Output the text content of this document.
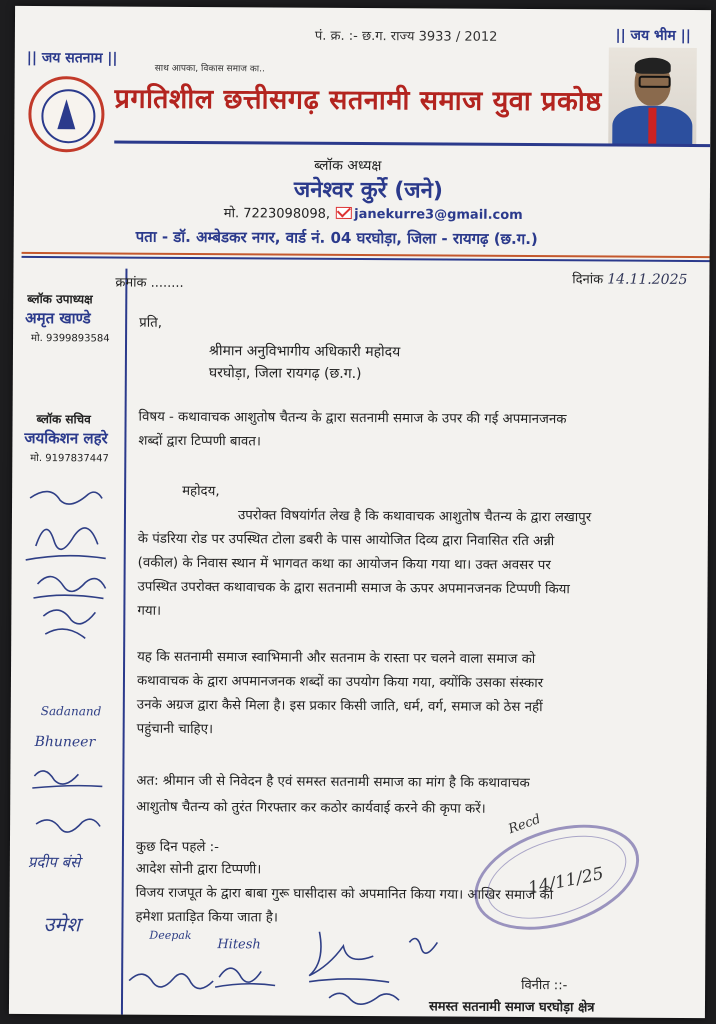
|| जय सतनाम ||
पं. क्र. :- छ.ग. राज्य 3933 / 2012	|| जय भीम ||
साथ आपका, विकास समाज का..
प्रगतिशील छत्तीसगढ़ सतनामी समाज युवा प्रकोष्ठ
ब्लॉक अध्यक्ष
जनेश्वर कुर्रे (जने)
मो. 7223098098, janekurre3@gmail.com
पता - डॉ. अम्बेडकर नगर, वार्ड नं. 04 घरघोड़ा, जिला - रायगढ़ (छ.ग.)
क्रमांक ........	दिनांक 14.11.2025
ब्लॉक उपाध्यक्ष
अमृत खाण्डे
मो. 9399893584
ब्लॉक सचिव
जयकिशन लहरे
मो. 9197837447
Sadanand
Bhuneer
प्रदीप बंसे
उमेश
प्रति,
श्रीमान अनुविभागीय अधिकारी महोदय
घरघोड़ा, जिला रायगढ़ (छ.ग.)
विषय - कथावाचक आशुतोष चैतन्य के द्वारा सतनामी समाज के उपर की गई अपमानजनक
शब्दों द्वारा टिप्पणी बावत।
महोदय,
उपरोक्त विषयांर्गत लेख है कि कथावाचक आशुतोष चैतन्य के द्वारा लखापुर
के पंडरिया रोड पर उपस्थित टोला डबरी के पास आयोजित दिव्य द्वारा निवासित रति अन्नी
(वकील) के निवास स्थान में भागवत कथा का आयोजन किया गया था। उक्त अवसर पर
उपस्थित उपरोक्त कथावाचक के द्वारा सतनामी समाज के ऊपर अपमानजनक टिप्पणी किया
गया।
यह कि सतनामी समाज स्वाभिमानी और सतनाम के रास्ता पर चलने वाला समाज को
कथावाचक के द्वारा अपमानजनक शब्दों का उपयोग किया गया, क्योंकि उसका संस्कार
उनके अग्रज द्वारा कैसे मिला है। इस प्रकार किसी जाति, धर्म, वर्ग, समाज को ठेस नहीं
पहुंचानी चाहिए।
अत: श्रीमान जी से निवेदन है एवं समस्त सतनामी समाज का मांग है कि कथावाचक
आशुतोष चैतन्य को तुरंत गिरफ्तार कर कठोर कार्यवाई करने की कृपा करें।
कुछ दिन पहले :-
आदेश सोनी द्वारा टिप्पणी।
विजय राजपूत के द्वारा बाबा गुरू घासीदास को अपमानित किया गया। आखिर समाज को
हमेशा प्रताड़ित किया जाता है।
Recd
14/11/25
Deepak
Hitesh
विनीत ::-
समस्त सतनामी समाज घरघोड़ा क्षेत्र
